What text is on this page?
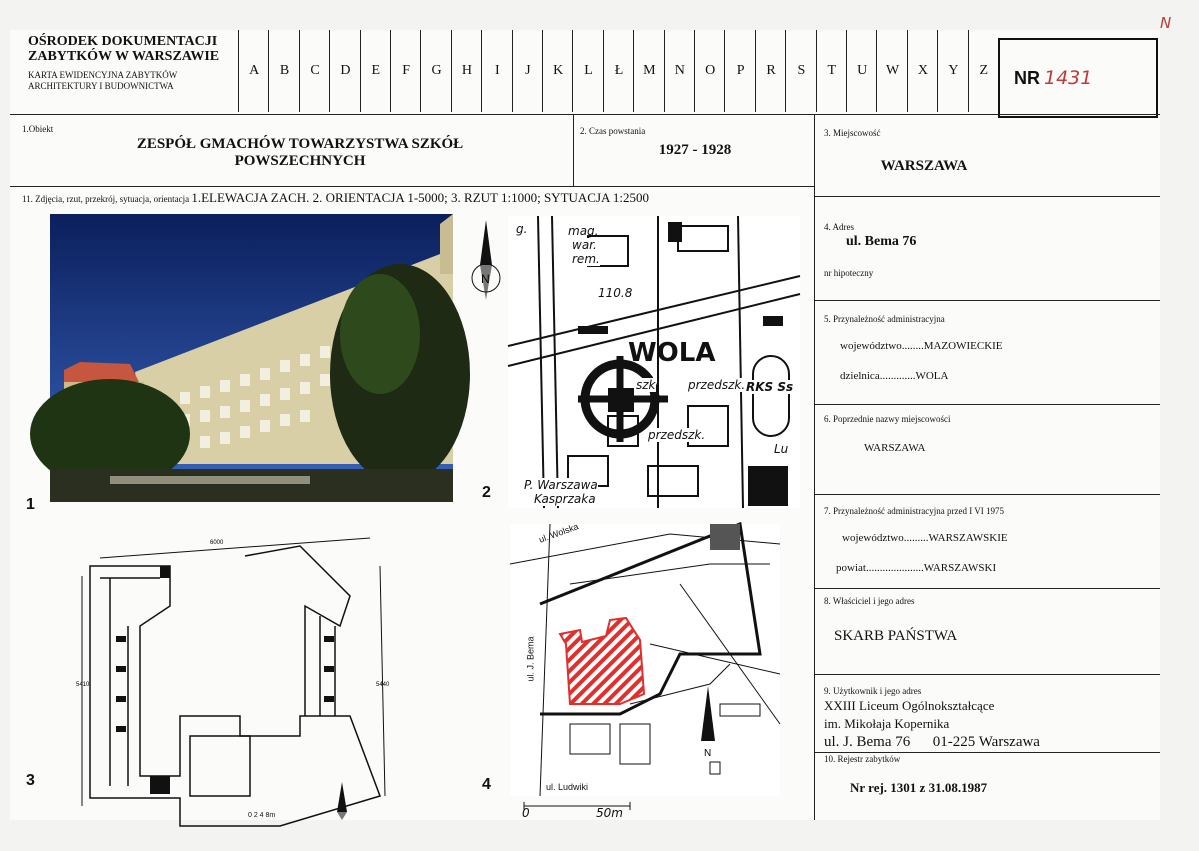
OŚRODEK DOKUMENTACJI
ZABYTKÓW W WARSZAWIE
KARTA EWIDENCYJNA ZABYTKÓW
ARCHITEKTURY I BUDOWNICTWA
A	B	C	D	E	F	G	H	I	J	K	L	Ł	M	N	O	P	R	S	T	U	W	X	Y	Z	NR 1431
N
1.Obiekt
ZESPÓŁ GMACHÓW TOWARZYSTWA SZKÓŁ
POWSZECHNYCH
2. Czas powstania
1927 - 1928
3. Miejscowość
WARSZAWA
11. Zdjęcia, rzut, przekrój, sytuacja, orientacja 1.ELEWACJA ZACH. 2. ORIENTACJA 1-5000; 3. RZUT 1:1000; SYTUACJA 1:2500
1
mag.
war.
rem.
110.8
WOLA
szk	przedszk. RKS Ss
przedszk.
P. Warszawa
Kasprzaka
Lu
g.
N
2
6000
5410	5440
0 2 4 8m
3
ul. Wolska
ul. J. Bema
ul. Ludwiki
N
0	50m
4
4. Adres
ul. Bema 76
nr hipoteczny
5. Przynależność administracyjna
województwo........MAZOWIECKIE
dzielnica.............WOLA
6. Poprzednie nazwy miejscowości
WARSZAWA
7. Przynależność administracyjna przed I VI 1975
województwo.........WARSZAWSKIE
powiat.....................WARSZAWSKI
8. Właściciel i jego adres
SKARB PAŃSTWA
9. Użytkownik i jego adres
XXIII Liceum Ogólnokształcące
im. Mikołaja Kopernika
ul. J. Bema 76      01-225 Warszawa
10. Rejestr zabytków
Nr rej. 1301 z 31.08.1987
